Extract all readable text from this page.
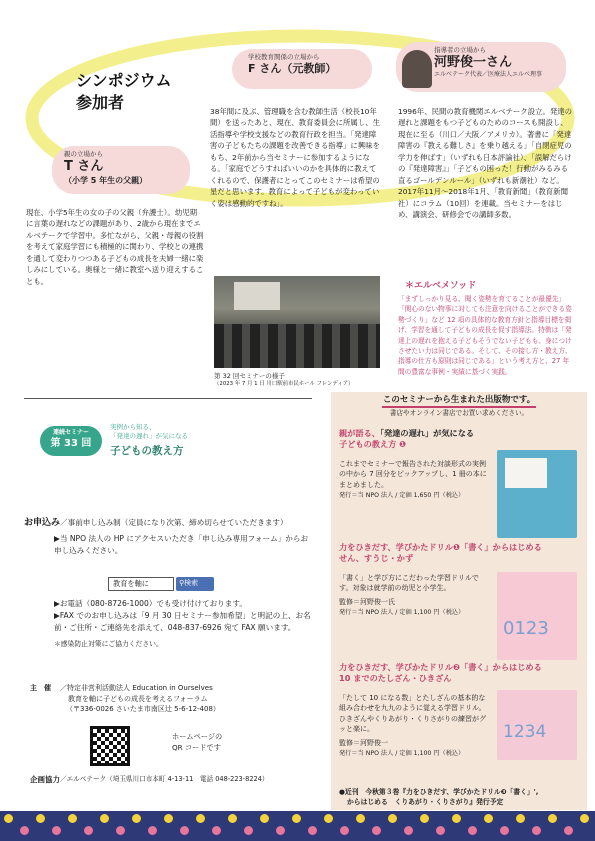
シンポジウム
参加者
親の立場から
T さん
（小学 5 年生の父親）
現在、小学5年生の女の子の父親（弁護士）。幼児期に言葉の遅れなどの課題があり、2歳から現在までエルベテークで学習中。多忙ながら、父親・母親の役割を考えて家庭学習にも積極的に関わり、学校との連携を通して変わりつつある子どもの成長を夫婦一緒に楽しみにしている。奥様と一緒に教室へ送り迎えすることも。
学校教育関係の立場から
F さん（元教師）
38年間に及ぶ、管理職を含む教師生活（校長10年間）を送ったあと、現在、教育委員会に所属し、生活指導や学校支援などの教育行政を担当。「発達障害の子どもたちの課題を改善できる指導」に興味をもち、2年前から当セミナーに参加するようになる。「家庭でどうすればいいのかを具体的に教えてくれるので、保護者にとってこのセミナーは希望の星だと思います。教育によって子どもが変わっていく姿は感動的ですね」。
第 32 回セミナーの様子
（2023 年 7 月 1 日 川口駅前市民ホール フレンディア）
指導者の立場から
河野俊一さん
エルベテーク代表／医療法人エルベ理事
1996年、民間の教育機関エルベテーク設立。発達の遅れと課題をもつ子どものためのコースも開設し、現在に至る（川口／大阪／アメリカ）。著書に「発達障害の『教える難しさ』を乗り越える」「自閉症児の学力を伸ばす」（いずれも日本評論社）、「誤解だらけの『発達障害』」「子どもの困った！行動がみるみる直るゴールデンルール」（いずれも新潮社）など。2017年11月〜2018年1月、「教育新聞」（教育新聞社）にコラム（10回）を連載。当セミナーをはじめ、講演会、研修会での講師多数。
＊エルベメソッド
「まずしっかり見る、聞く姿勢を育てることが最優先」「関心のない物事に対しても注意を向けることができる姿勢づくり」など 12 項の具体的な教育方針と指導目標を掲げ、学習を通して子どもの成長を促す指導法。特徴は「発達上の遅れを抱える子どもそうでない子どもも、身につけさせたい力は同じである。そして、その接し方・教え方、指導の仕方も原則は同じである」という考え方と、27 年間の豊富な事例・実績に基づく実践。
連続セミナー
第 33 回
実例から知る、
「発達の遅れ」が気になる
子どもの教え方
お申込み／事前申し込み制（定員になり次第、締め切らせていただきます）
▶当 NPO 法人の HP にアクセスいただき「申し込み専用フォーム」からお申し込みください。
教育を軸に	⚲検索
▶お電話（080-8726-1000）でも受け付けております。
▶FAX でのお申し込みは「9 月 30 日セミナー参加希望」と明記の上、お名前・ご住所・ご連絡先を添えて、048-837-6926 宛て FAX 願います。
＊感染防止対策にご協力ください。
主　催	／特定非営利活動法人 Education in Ourselves
教育を軸に子どもの成長を考えるフォーラム
（〒336-0026 さいたま市南区辻 5-6-12-408）
ホームページの
QR コードです
企画協力 ／エルベテーク（埼玉県川口市本町 4-13-11　電話 048-223-8224）
このセミナーから生まれた出版物です。
書店やオンライン書店でお買い求めください。
親が語る、「発達の遅れ」が気になる
子どもの教え方 ❶
これまでセミナーで報告された対談形式の実例の中から 7 回分をピックアップし、1 冊の本にまとめました。
発行＝当 NPO 法人 / 定価 1,650 円（税込）
力をひきだす、学びかたドリル❶「書く」からはじめる
せん、すうじ・かず
「書く」と学び方にこだわった学習ドリルです。対象は就学前の幼児と小学生。
監修＝河野俊一氏
発行＝当 NPO 法人 / 定価 1,100 円（税込）
0123
力をひきだす、学びかたドリル❷「書く」からはじめる
10 までのたしざん・ひきざん
「たして 10 になる数」とたしざんの基本的な組み合わせを九九のように覚える学習ドリル。ひきざんやくりあがり・くりさがりの練習がグッと楽に。
監修＝河野俊一
発行＝当 NPO 法人 / 定価 1,100 円（税込）
1234
●近刊　今秋第３巻『力をひきだす、学びかたドリル❸「書く」',
からはじめる　くりあがり・くりさがり』発行予定
